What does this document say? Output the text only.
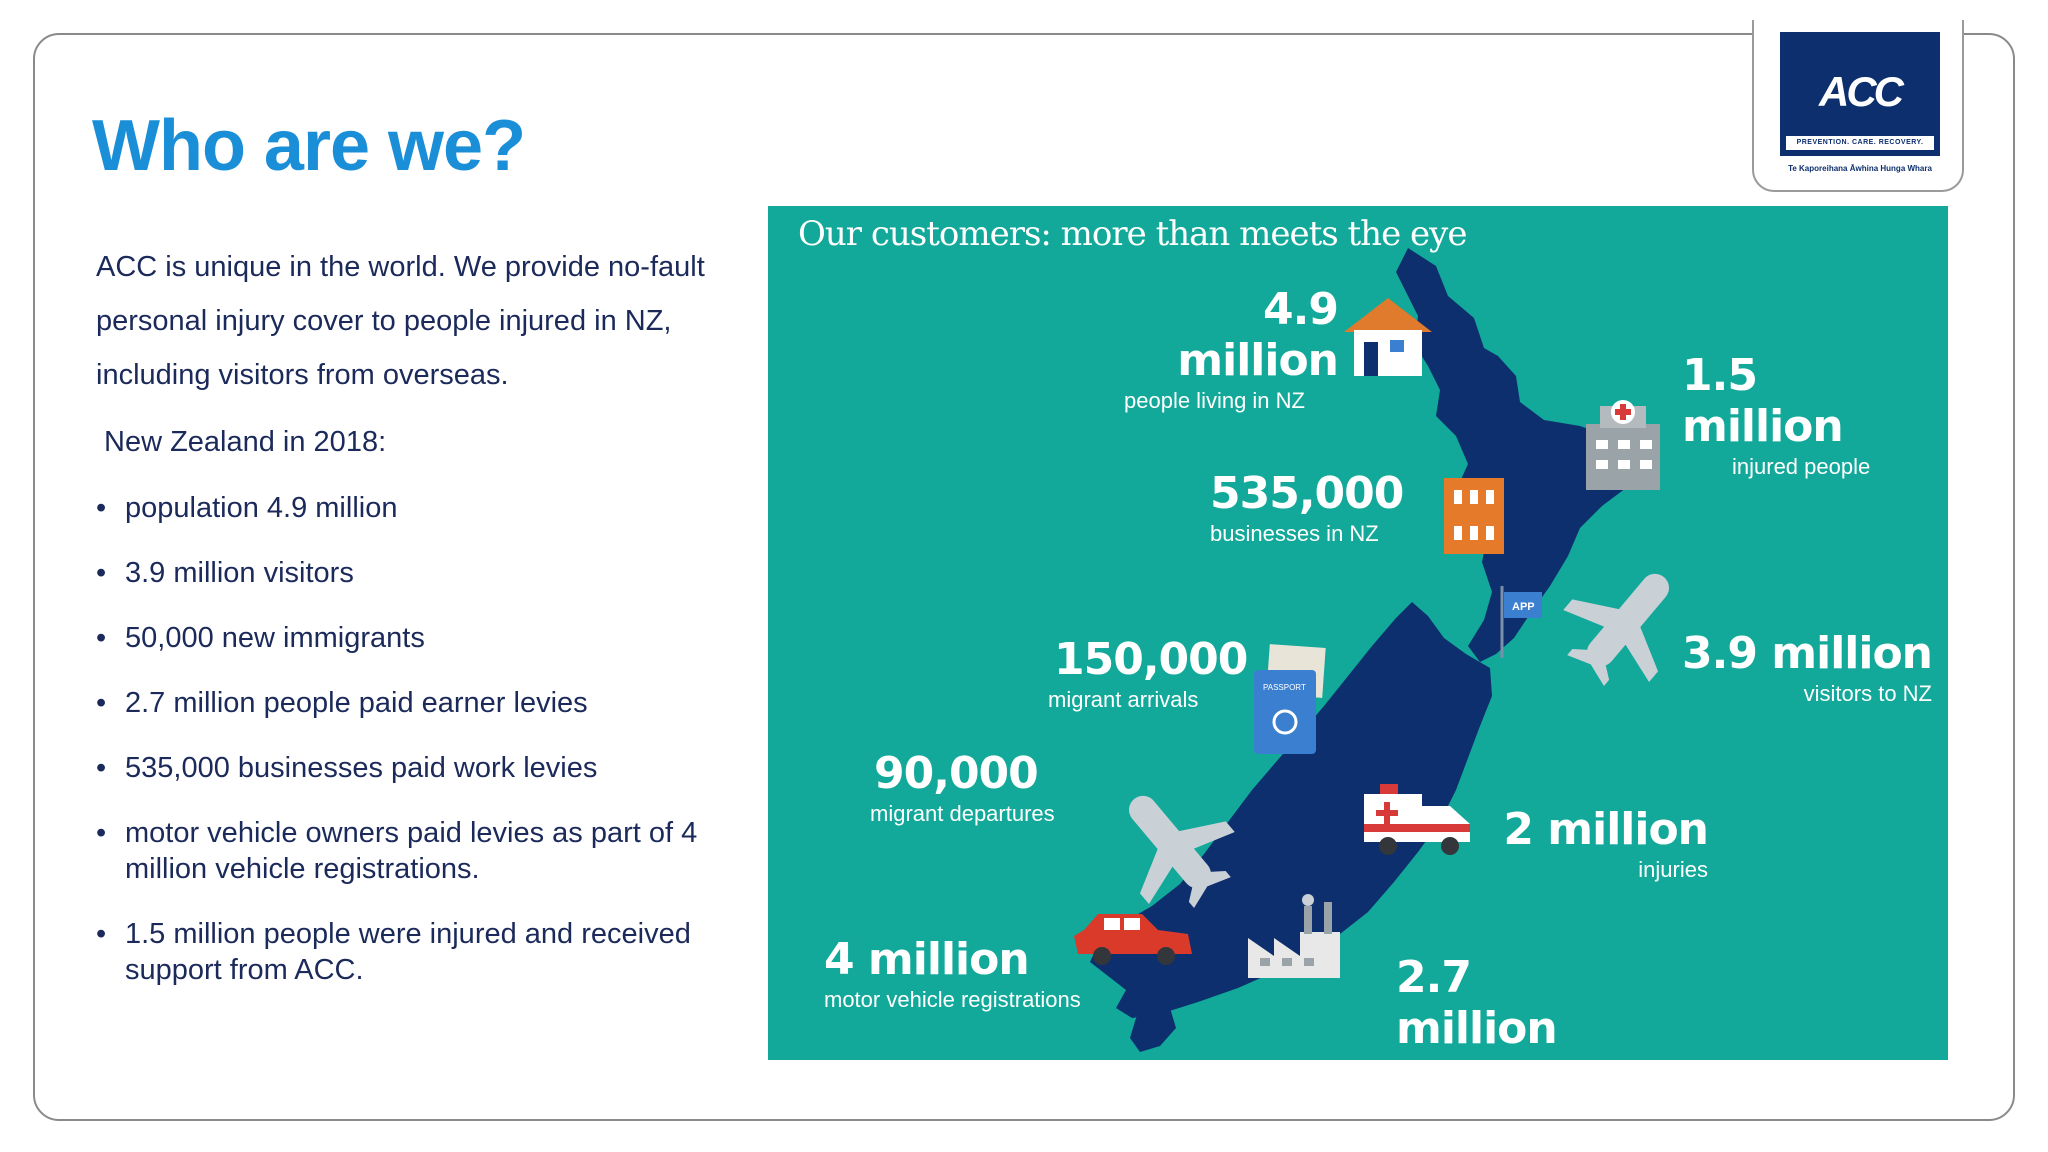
ACC
PREVENTION. CARE. RECOVERY.
Te Kaporeihana Āwhina Hunga Whara
Who are we?

ACC is unique in the world. We provide no-fault personal injury cover to people injured in NZ, including visitors from overseas.

New Zealand in 2018:

• population 4.9 million
• 3.9 million visitors
• 50,000 new immigrants
• 2.7 million people paid earner levies
• 535,000 businesses paid work levies
• motor vehicle owners paid levies as part of 4 million vehicle registrations.
• 1.5 million people were injured and received support from ACC.
APP
PASSPORT
Our customers: more than meets the eye
4.9 million
people living in NZ	1.5 million
injured people
535,000
businesses in NZ
3.9 million
visitors to NZ
150,000
migrant arrivals
90,000
migrant departures	2 million
injuries
4 million
motor vehicle registrations	2.7 million
people employed
